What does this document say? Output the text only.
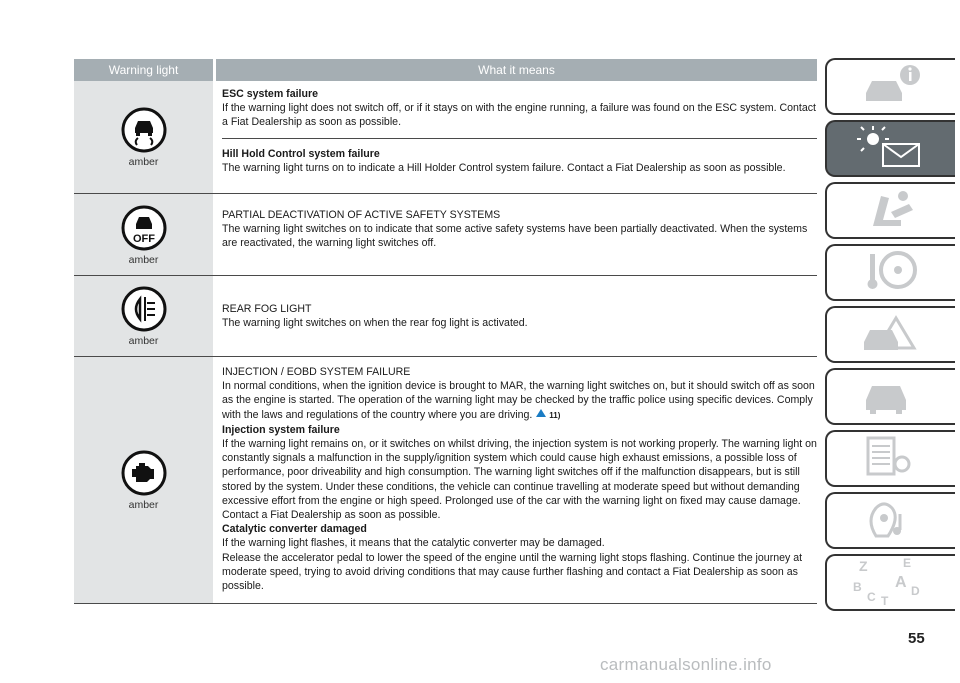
Warning light	What it means
amber
ESC system failure
If the warning light does not switch off, or if it stays on with the engine running, a failure was found on the ESC system. Contact a Fiat Dealership as soon as possible.
Hill Hold Control system failure
The warning light turns on to indicate a Hill Holder Control system failure. Contact a Fiat Dealership as soon as possible.
OFF
amber
PARTIAL DEACTIVATION OF ACTIVE SAFETY SYSTEMS
The warning light switches on to indicate that some active safety systems have been partially deactivated. When the systems are reactivated, the warning light switches off.
amber
REAR FOG LIGHT
The warning light switches on when the rear fog light is activated.
amber
INJECTION / EOBD SYSTEM FAILURE
In normal conditions, when the ignition device is brought to MAR, the warning light switches on, but it should switch off as soon as the engine is started. The operation of the warning light may be checked by the traffic police using specific devices. Comply with the laws and regulations of the country where you are driving. 11)
Injection system failure
If the warning light remains on, or it switches on whilst driving, the injection system is not working properly. The warning light on constantly signals a malfunction in the supply/ignition system which could cause high exhaust emissions, a possible loss of performance, poor driveability and high consumption. The warning light switches off if the malfunction disappears, but is still stored by the system. Under these conditions, the vehicle can continue travelling at moderate speed but without demanding excessive effort from the engine or high speed. Prolonged use of the car with the warning light on fixed may cause damage. Contact a Fiat Dealership as soon as possible.
Catalytic converter damaged
If the warning light flashes, it means that the catalytic converter may be damaged.
Release the accelerator pedal to lower the speed of the engine until the warning light stops flashing. Continue the journey at moderate speed, trying to avoid driving conditions that may cause further flashing and contact a Fiat Dealership as soon as possible.
55
Z	E
A
B
C T
D
carmanualsonline.info
